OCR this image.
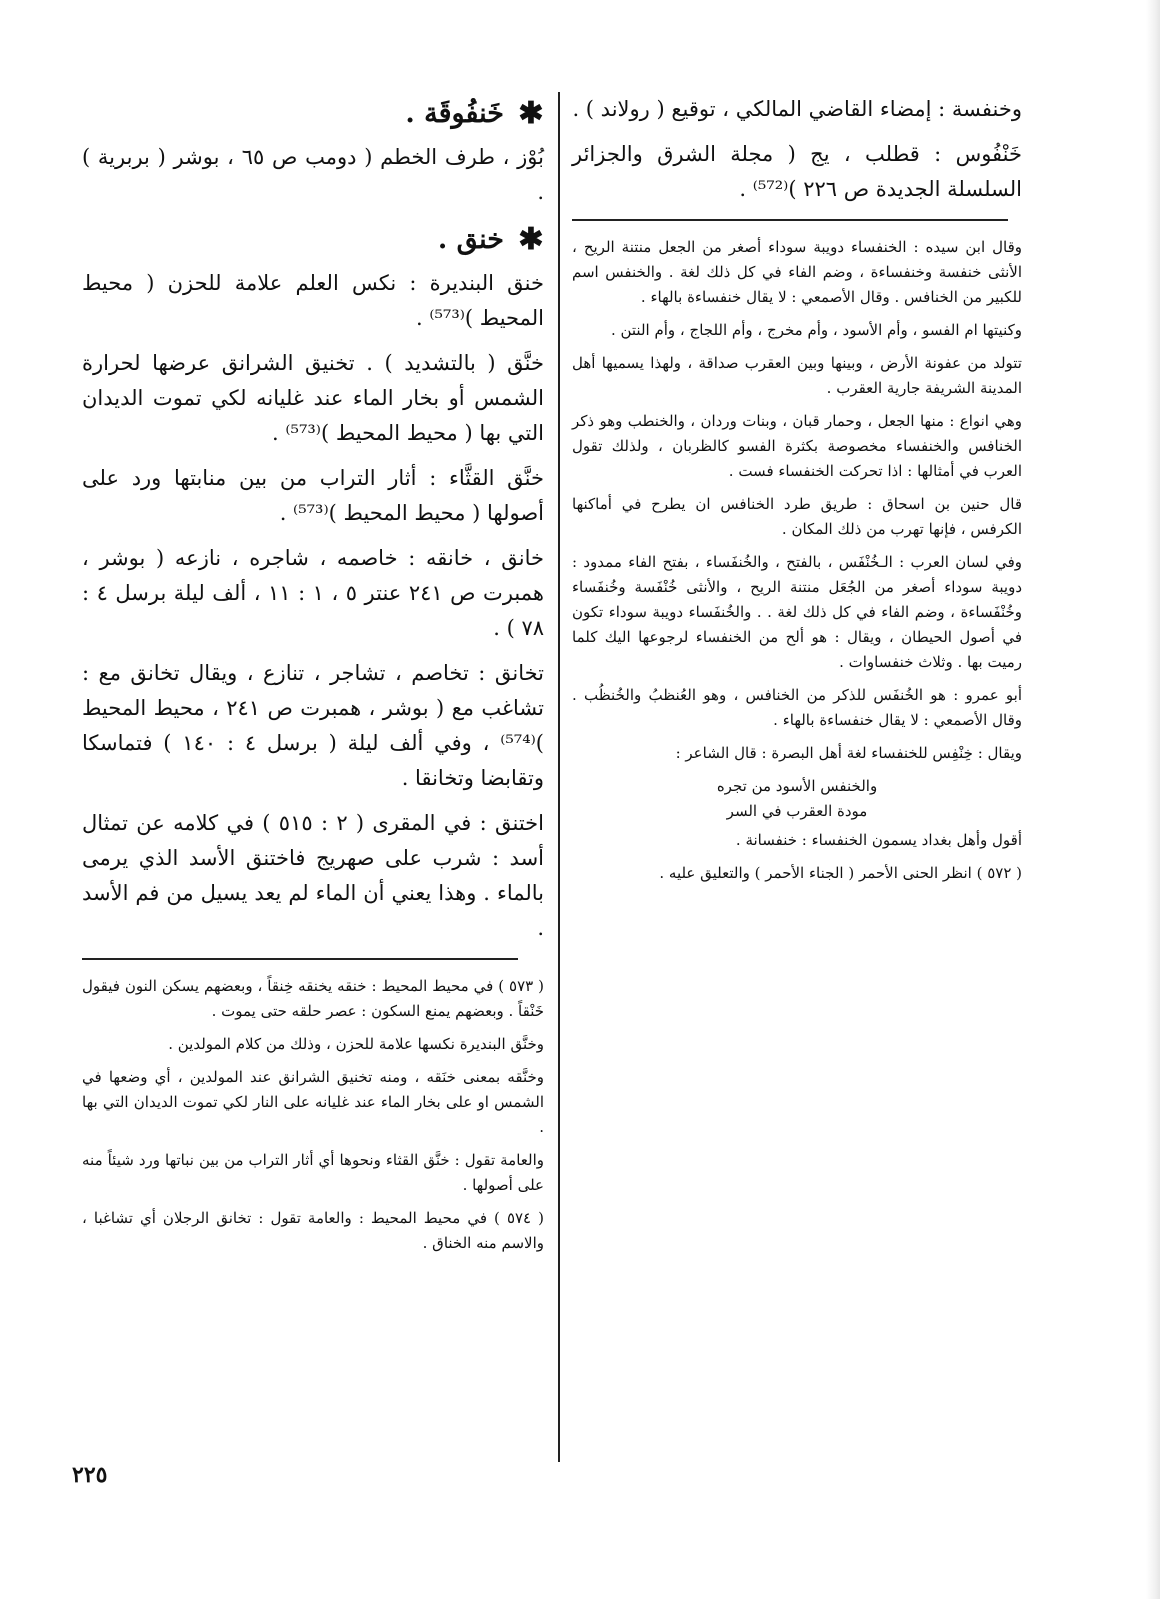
وخنفسة : إمضاء القاضي المالكي ، توقيع ( رولاند ) .

خَنْفُوس : قطلب ، يج ( مجلة الشرق والجزائر السلسلة الجديدة ص ٢٢٦ )⁽⁵⁷²⁾ .

وقال ابن سيده : الخنفساء دويبة سوداء أصغر من الجعل منتنة الريح ، الأنثى خنفسة وخنفساءة ، وضم الفاء في كل ذلك لغة . والخنفس اسم للكبير من الخنافس . وقال الأصمعي : لا يقال خنفساءة بالهاء .

وكنيتها ام الفسو ، وأم الأسود ، وأم مخرج ، وأم اللجاج ، وأم النتن .

تتولد من عفونة الأرض ، وبينها وبين العقرب صداقة ، ولهذا يسميها أهل المدينة الشريفة جارية العقرب .

وهي انواع : منها الجعل ، وحمار قبان ، وبنات وردان ، والخنطب وهو ذكر الخنافس والخنفساء مخصوصة بكثرة الفسو كالظربان ، ولذلك تقول العرب في أمثالها : اذا تحركت الخنفساء فست .

قال حنين بن اسحاق : طريق طرد الخنافس ان يطرح في أماكنها الكرفس ، فإنها تهرب من ذلك المكان .

وفي لسان العرب : الـخُنْفَس ، بالفتح ، والخُنفَساء ، بفتح الفاء ممدود : دويبة سوداء أصغر من الجُعَل منتنة الريح ، والأنثى خُنْفَسة وخُنفَساء وخُنْفَساءة ، وضم الفاء في كل ذلك لغة . . والخُنفَساء دويبة سوداء تكون في أصول الحيطان ، ويقال : هو ألح من الخنفساء لرجوعها اليك كلما رميت بها . وثلاث خنفساوات .

أبو عمرو : هو الخُنفَس للذكر من الخنافس ، وهو العُنظبُ والخُنظُب . وقال الأصمعي : لا يقال خنفساءة بالهاء .

ويقال : خِنْفِس للخنفساء لغة أهل البصرة : قال الشاعر :

والخنفس الأسود من تجره

مودة العقرب في السر

أقول وأهل بغداد يسمون الخنفساء : خنفسانة .

( ٥٧٢ ) انظر الحنى الأحمر ( الجناء الأحمر ) والتعليق عليه .

✱
خَنفُوقَة .

بُوْز ، طرف الخطم ( دومب ص ٦٥ ، بوشر ( بربرية ) .

✱
خنق .

خنق البنديرة : نكس العلم علامة للحزن ( محيط المحيط )⁽⁵⁷³⁾ .

خنَّق ( بالتشديد ) . تخنيق الشرانق عرضها لحرارة الشمس أو بخار الماء عند غليانه لكي تموت الديدان التي بها ( محيط المحيط )⁽⁵⁷³⁾ .

خنَّق القثَّاء : أثار التراب من بين منابتها ورد على أصولها ( محيط المحيط )⁽⁵⁷³⁾ .

خانق ، خانقه : خاصمه ، شاجره ، نازعه ( بوشر ، همبرت ص ٢٤١ عنتر ٥ ، ١ : ١١ ، ألف ليلة برسل ٤ : ٧٨ ) .

تخانق : تخاصم ، تشاجر ، تنازع ، ويقال تخانق مع : تشاغب مع ( بوشر ، همبرت ص ٢٤١ ، محيط المحيط )⁽⁵⁷⁴⁾ ، وفي ألف ليلة ( برسل ٤ : ١٤٠ ) فتماسكا وتقابضا وتخانقا .

اختنق : في المقرى ( ٢ : ٥١٥ ) في كلامه عن تمثال أسد : شرب على صهريج فاختنق الأسد الذي يرمى بالماء . وهذا يعني أن الماء لم يعد يسيل من فم الأسد .

( ٥٧٣ ) في محيط المحيط : خنقه يخنقه خِنقاً ، وبعضهم يسكن النون فيقول خَنْقاً . وبعضهم يمنع السكون : عصر حلقه حتى يموت .

وخنَّق البنديرة نكسها علامة للحزن ، وذلك من كلام المولدين .

وخنَّقه بمعنى خنَقه ، ومنه تخنيق الشرانق عند المولدين ، أي وضعها في الشمس او على بخار الماء عند غليانه على النار لكي تموت الديدان التي بها .

والعامة تقول : خنَّق القثاء ونحوها أي أثار التراب من بين نباتها ورد شيئاً منه على أصولها .

( ٥٧٤ ) في محيط المحيط : والعامة تقول : تخانق الرجلان أي تشاغبا ، والاسم منه الخناق .

٢٢٥
